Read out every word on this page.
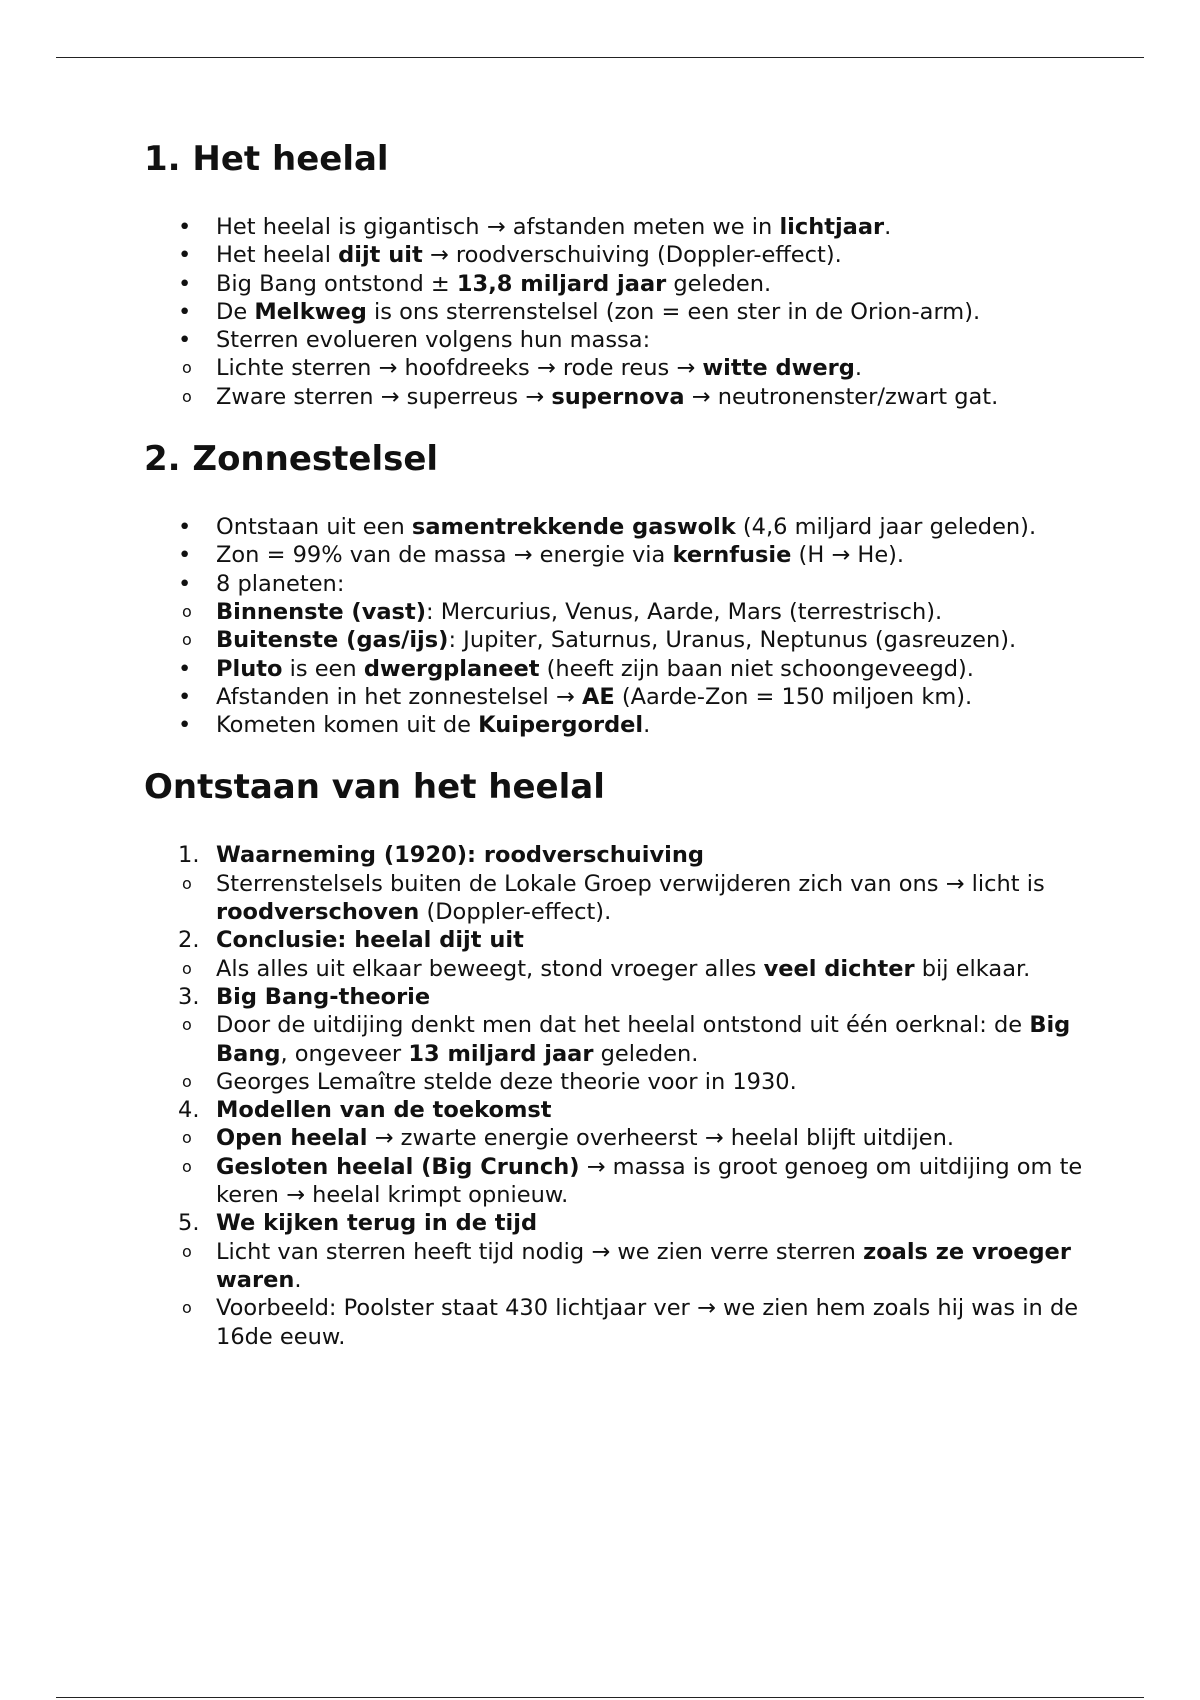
1. Het heelal
• Het heelal is gigantisch → afstanden meten we in lichtjaar.
• Het heelal dijt uit → roodverschuiving (Doppler-effect).
• Big Bang ontstond ± 13,8 miljard jaar geleden.
• De Melkweg is ons sterrenstelsel (zon = een ster in de Orion-arm).
• Sterren evolueren volgens hun massa:
o Lichte sterren → hoofdreeks → rode reus → witte dwerg.
o Zware sterren → superreus → supernova → neutronenster/zwart gat.
2. Zonnestelsel
• Ontstaan uit een samentrekkende gaswolk (4,6 miljard jaar geleden).
• Zon = 99% van de massa → energie via kernfusie (H → He).
• 8 planeten:
o Binnenste (vast): Mercurius, Venus, Aarde, Mars (terrestrisch).
o Buitenste (gas/ijs): Jupiter, Saturnus, Uranus, Neptunus (gasreuzen).
• Pluto is een dwergplaneet (heeft zijn baan niet schoongeveegd).
• Afstanden in het zonnestelsel → AE (Aarde-Zon = 150 miljoen km).
• Kometen komen uit de Kuipergordel.
Ontstaan van het heelal
1. Waarneming (1920): roodverschuiving
o Sterrenstelsels buiten de Lokale Groep verwijderen zich van ons → licht is roodverschoven (Doppler-effect).
2. Conclusie: heelal dijt uit
o Als alles uit elkaar beweegt, stond vroeger alles veel dichter bij elkaar.
3. Big Bang-theorie
o Door de uitdijing denkt men dat het heelal ontstond uit één oerknal: de Big Bang, ongeveer 13 miljard jaar geleden.
o Georges Lemaître stelde deze theorie voor in 1930.
4. Modellen van de toekomst
o Open heelal → zwarte energie overheerst → heelal blijft uitdijen.
o Gesloten heelal (Big Crunch) → massa is groot genoeg om uitdijing om te keren → heelal krimpt opnieuw.
5. We kijken terug in de tijd
o Licht van sterren heeft tijd nodig → we zien verre sterren zoals ze vroeger waren.
o Voorbeeld: Poolster staat 430 lichtjaar ver → we zien hem zoals hij was in de 16de eeuw.
